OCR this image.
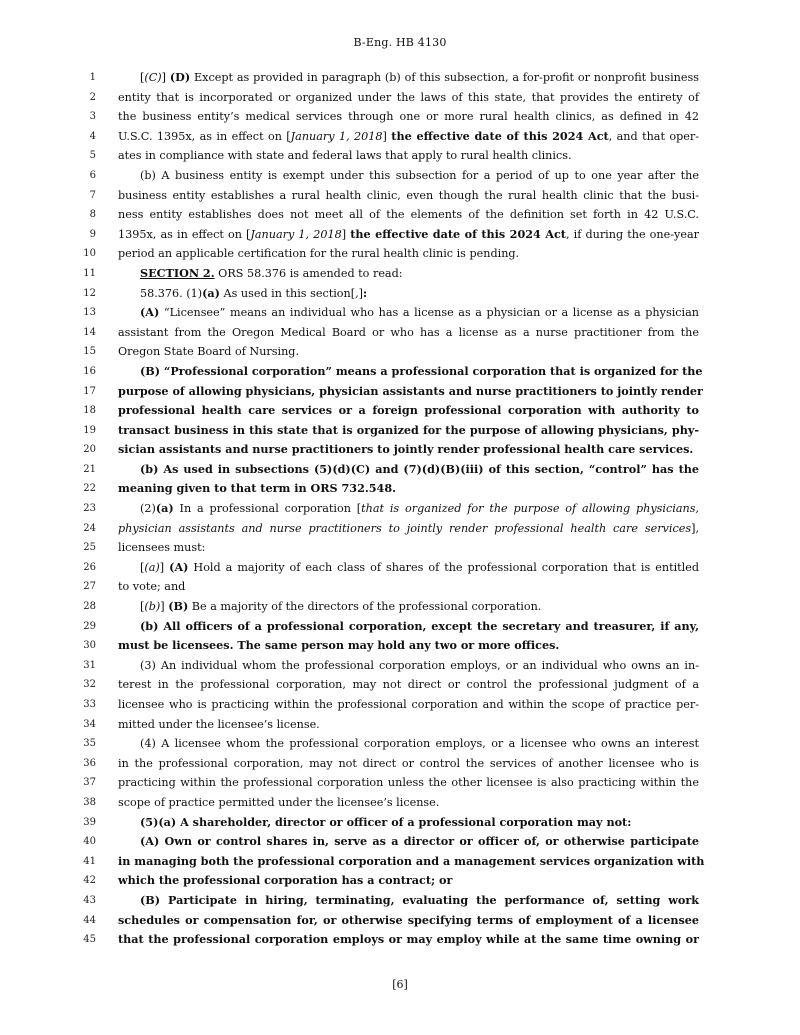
B-Eng. HB 4130
1	[(C)] (D) Except as provided in paragraph (b) of this subsection, a for-profit or nonprofit business
2 entity that is incorporated or organized under the laws of this state, that provides the entirety of
3 the business entity’s medical services through one or more rural health clinics, as defined in 42
4 U.S.C. 1395x, as in effect on [January 1, 2018] the effective date of this 2024 Act, and that oper-
5 ates in compliance with state and federal laws that apply to rural health clinics.
6	(b) A business entity is exempt under this subsection for a period of up to one year after the
7 business entity establishes a rural health clinic, even though the rural health clinic that the busi-
8 ness entity establishes does not meet all of the elements of the definition set forth in 42 U.S.C.
9 1395x, as in effect on [January 1, 2018] the effective date of this 2024 Act, if during the one-year
10 period an applicable certification for the rural health clinic is pending.
11	SECTION 2. ORS 58.376 is amended to read:
12	58.376. (1)(a) As used in this section[,]:
13	(A) “Licensee” means an individual who has a license as a physician or a license as a physician
14 assistant from the Oregon Medical Board or who has a license as a nurse practitioner from the
15 Oregon State Board of Nursing.
16	(B) “Professional corporation” means a professional corporation that is organized for the
17 purpose of allowing physicians, physician assistants and nurse practitioners to jointly render
18 professional health care services or a foreign professional corporation with authority to
19 transact business in this state that is organized for the purpose of allowing physicians, phy-
20 sician assistants and nurse practitioners to jointly render professional health care services.
21	(b) As used in subsections (5)(d)(C) and (7)(d)(B)(iii) of this section, “control” has the
22 meaning given to that term in ORS 732.548.
23	(2)(a) In a professional corporation [that is organized for the purpose of allowing physicians,
24 physician assistants and nurse practitioners to jointly render professional health care services],
25 licensees must:
26	[(a)] (A) Hold a majority of each class of shares of the professional corporation that is entitled
27 to vote; and
28	[(b)] (B) Be a majority of the directors of the professional corporation.
29	(b) All officers of a professional corporation, except the secretary and treasurer, if any,
30 must be licensees. The same person may hold any two or more offices.
31	(3) An individual whom the professional corporation employs, or an individual who owns an in-
32 terest in the professional corporation, may not direct or control the professional judgment of a
33 licensee who is practicing within the professional corporation and within the scope of practice per-
34 mitted under the licensee’s license.
35	(4) A licensee whom the professional corporation employs, or a licensee who owns an interest
36 in the professional corporation, may not direct or control the services of another licensee who is
37 practicing within the professional corporation unless the other licensee is also practicing within the
38 scope of practice permitted under the licensee’s license.
39	(5)(a) A shareholder, director or officer of a professional corporation may not:
40	(A) Own or control shares in, serve as a director or officer of, or otherwise participate
41 in managing both the professional corporation and a management services organization with
42 which the professional corporation has a contract; or
43	(B) Participate in hiring, terminating, evaluating the performance of, setting work
44 schedules or compensation for, or otherwise specifying terms of employment of a licensee
45 that the professional corporation employs or may employ while at the same time owning or
[6]
